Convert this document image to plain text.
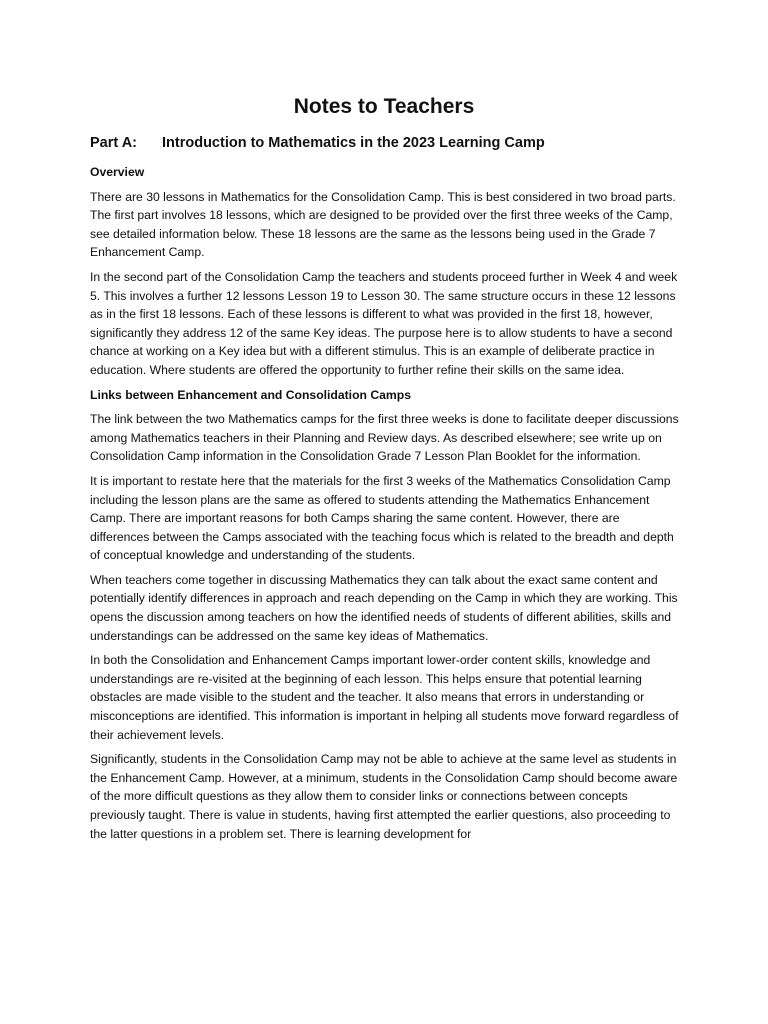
Notes to Teachers
Part A: Introduction to Mathematics in the 2023 Learning Camp
Overview

There are 30 lessons in Mathematics for the Consolidation Camp. This is best considered in two broad parts. The first part involves 18 lessons, which are designed to be provided over the first three weeks of the Camp, see detailed information below. These 18 lessons are the same as the lessons being used in the Grade 7 Enhancement Camp.

In the second part of the Consolidation Camp the teachers and students proceed further in Week 4 and week 5. This involves a further 12 lessons Lesson 19 to Lesson 30. The same structure occurs in these 12 lessons as in the first 18 lessons. Each of these lessons is different to what was provided in the first 18, however, significantly they address 12 of the same Key ideas. The purpose here is to allow students to have a second chance at working on a Key idea but with a different stimulus. This is an example of deliberate practice in education. Where students are offered the opportunity to further refine their skills on the same idea.

Links between Enhancement and Consolidation Camps

The link between the two Mathematics camps for the first three weeks is done to facilitate deeper discussions among Mathematics teachers in their Planning and Review days. As described elsewhere; see write up on Consolidation Camp information in the Consolidation Grade 7 Lesson Plan Booklet for the information.

It is important to restate here that the materials for the first 3 weeks of the Mathematics Consolidation Camp including the lesson plans are the same as offered to students attending the Mathematics Enhancement Camp. There are important reasons for both Camps sharing the same content. However, there are differences between the Camps associated with the teaching focus which is related to the breadth and depth of conceptual knowledge and understanding of the students.

When teachers come together in discussing Mathematics they can talk about the exact same content and potentially identify differences in approach and reach depending on the Camp in which they are working. This opens the discussion among teachers on how the identified needs of students of different abilities, skills and understandings can be addressed on the same key ideas of Mathematics.

In both the Consolidation and Enhancement Camps important lower-order content skills, knowledge and understandings are re-visited at the beginning of each lesson. This helps ensure that potential learning obstacles are made visible to the student and the teacher. It also means that errors in understanding or misconceptions are identified. This information is important in helping all students move forward regardless of their achievement levels.

Significantly, students in the Consolidation Camp may not be able to achieve at the same level as students in the Enhancement Camp. However, at a minimum, students in the Consolidation Camp should become aware of the more difficult questions as they allow them to consider links or connections between concepts previously taught. There is value in students, having first attempted the earlier questions, also proceeding to the latter questions in a problem set. There is learning development for
